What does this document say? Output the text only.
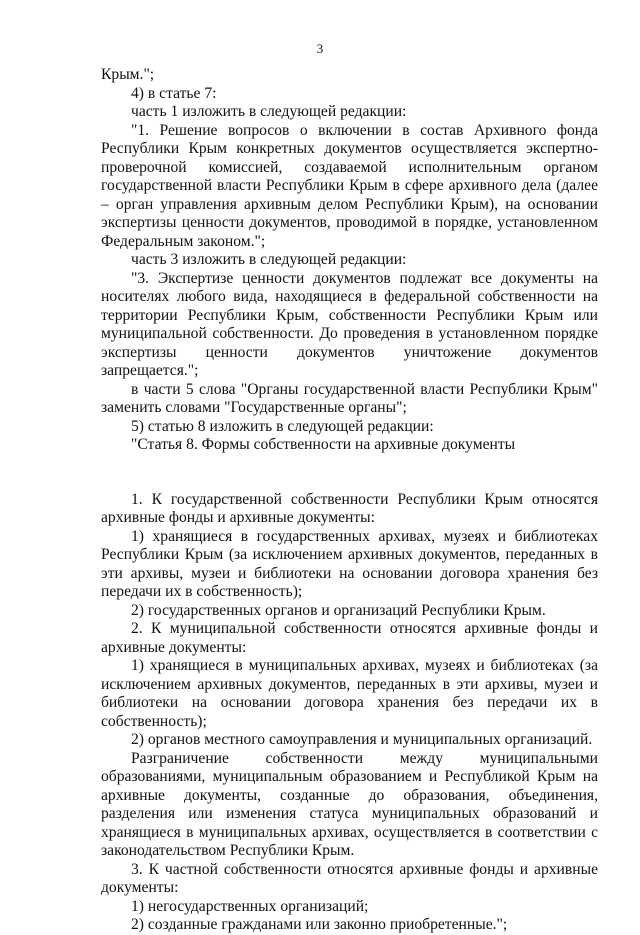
3

Крым.";

4) в статье 7:

часть 1 изложить в следующей редакции:

"1. Решение вопросов о включении в состав Архивного фонда Республики Крым конкретных документов осуществляется экспертно-проверочной комиссией, создаваемой исполнительным органом государственной власти Республики Крым в сфере архивного дела (далее – орган управления архивным делом Республики Крым), на основании экспертизы ценности документов, проводимой в порядке, установленном Федеральным законом.";

часть 3 изложить в следующей редакции:

"3. Экспертизе ценности документов подлежат все документы на носителях любого вида, находящиеся в федеральной собственности на территории Республики Крым, собственности Республики Крым или муниципальной собственности. До проведения в установленном порядке экспертизы ценности документов уничтожение документов запрещается.";

в части 5 слова "Органы государственной власти Республики Крым" заменить словами "Государственные органы";

5) статью 8 изложить в следующей редакции:

"Статья 8. Формы собственности на архивные документы

1. К государственной собственности Республики Крым относятся архивные фонды и архивные документы:

1) хранящиеся в государственных архивах, музеях и библиотеках Республики Крым (за исключением архивных документов, переданных в эти архивы, музеи и библиотеки на основании договора хранения без передачи их в собственность);

2) государственных органов и организаций Республики Крым.

2. К муниципальной собственности относятся архивные фонды и архивные документы:

1) хранящиеся в муниципальных архивах, музеях и библиотеках (за исключением архивных документов, переданных в эти архивы, музеи и библиотеки на основании договора хранения без передачи их в собственность);

2) органов местного самоуправления и муниципальных организаций.

Разграничение собственности между муниципальными образованиями, муниципальным образованием и Республикой Крым на архивные документы, созданные до образования, объединения, разделения или изменения статуса муниципальных образований и хранящиеся в муниципальных архивах, осуществляется в соответствии с законодательством Республики Крым.

3. К частной собственности относятся архивные фонды и архивные документы:

1) негосударственных организаций;

2) созданные гражданами или законно приобретенные.";
